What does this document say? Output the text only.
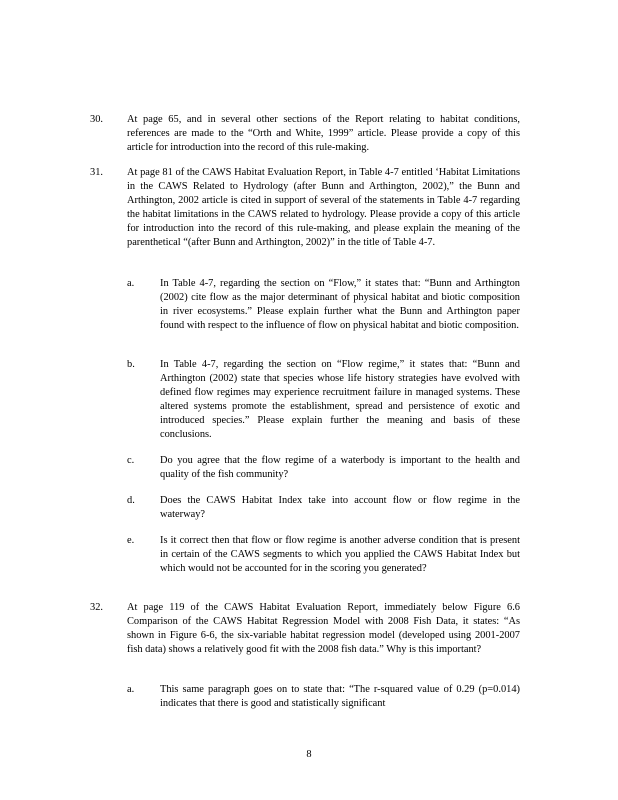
30. At page 65, and in several other sections of the Report relating to habitat conditions, references are made to the “Orth and White, 1999” article. Please provide a copy of this article for introduction into the record of this rule-making.

31. At page 81 of the CAWS Habitat Evaluation Report, in Table 4-7 entitled ‘Habitat Limitations in the CAWS Related to Hydrology (after Bunn and Arthington, 2002),” the Bunn and Arthington, 2002 article is cited in support of several of the statements in Table 4-7 regarding the habitat limitations in the CAWS related to hydrology. Please provide a copy of this article for introduction into the record of this rule-making, and please explain the meaning of the parenthetical “(after Bunn and Arthington, 2002)” in the title of Table 4-7.

a. In Table 4-7, regarding the section on “Flow,” it states that: “Bunn and Arthington (2002) cite flow as the major determinant of physical habitat and biotic composition in river ecosystems.” Please explain further what the Bunn and Arthington paper found with respect to the influence of flow on physical habitat and biotic composition.

b. In Table 4-7, regarding the section on “Flow regime,” it states that: “Bunn and Arthington (2002) state that species whose life history strategies have evolved with defined flow regimes may experience recruitment failure in managed systems. These altered systems promote the establishment, spread and persistence of exotic and introduced species.” Please explain further the meaning and basis of these conclusions.

c. Do you agree that the flow regime of a waterbody is important to the health and quality of the fish community?

d. Does the CAWS Habitat Index take into account flow or flow regime in the waterway?

e. Is it correct then that flow or flow regime is another adverse condition that is present in certain of the CAWS segments to which you applied the CAWS Habitat Index but which would not be accounted for in the scoring you generated?

32. At page 119 of the CAWS Habitat Evaluation Report, immediately below Figure 6.6 Comparison of the CAWS Habitat Regression Model with 2008 Fish Data, it states: “As shown in Figure 6-6, the six-variable habitat regression model (developed using 2001-2007 fish data) shows a relatively good fit with the 2008 fish data.” Why is this important?

a. This same paragraph goes on to state that: “The r-squared value of 0.29 (p=0.014) indicates that there is good and statistically significant

8
